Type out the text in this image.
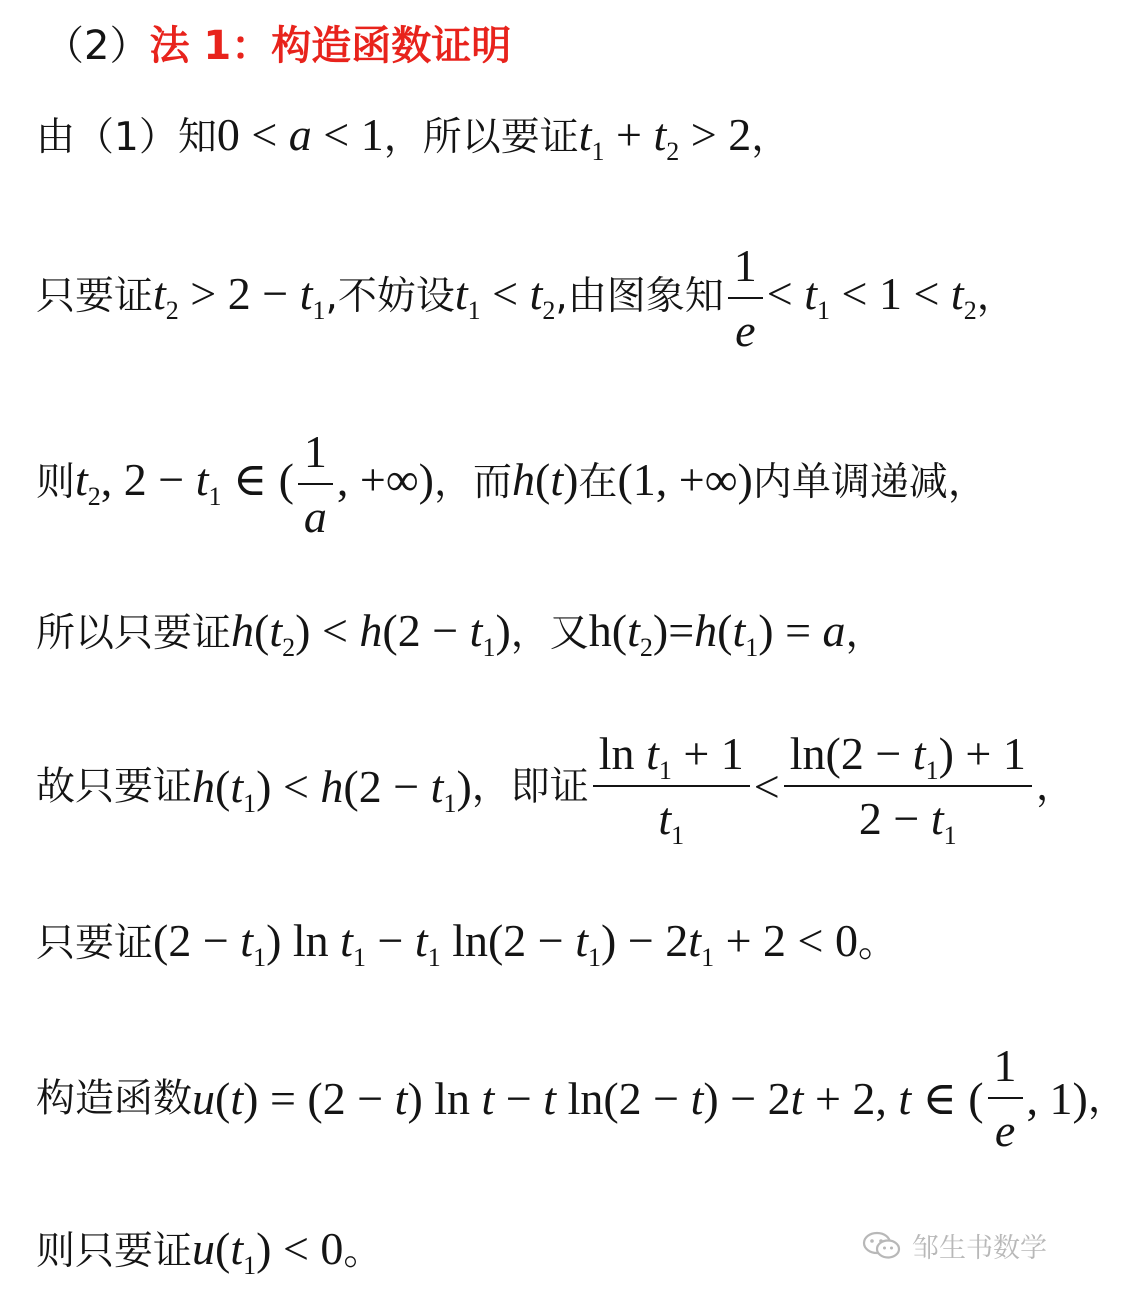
（2）法 1：构造函数证明
由（1）知0 < a < 1，所以要证$t_1 + t_2 > 2$，
只要证$t_2 > 2 - t_1$,不妨设$t_1 < t_2$,由图象知 $\frac{1}{e} < t_1 < 1 < t_2$，
则$t_2$, $2 - t_1$ ∈ ( $\frac{1}{a}$ , +∞)，而h(t)在(1, +∞)内单调递减，
所以只要证$h(t_2) < h(2 - t_1)$，又$h(t_2)=h(t_1) = a$，
故只要证$h(t_1) < h(2 - t_1)$，即证 $\frac{\ln t_1 + 1}{t_1} < \frac{\ln(2 - t_1) + 1}{2 - t_1}$ ，
只要证$(2 - t_1)$ $\ln t_1 - t_1$ $\ln(2 - t_1) - 2t_1 + 2 < 0$。
构造函数u(t) = (2 − t) ln t − t ln(2 − t) − 2t + 2, t ∈ ( $\frac{1}{e}$ , 1)，
则只要证$u(t_1) < 0$。	邹生书数学
